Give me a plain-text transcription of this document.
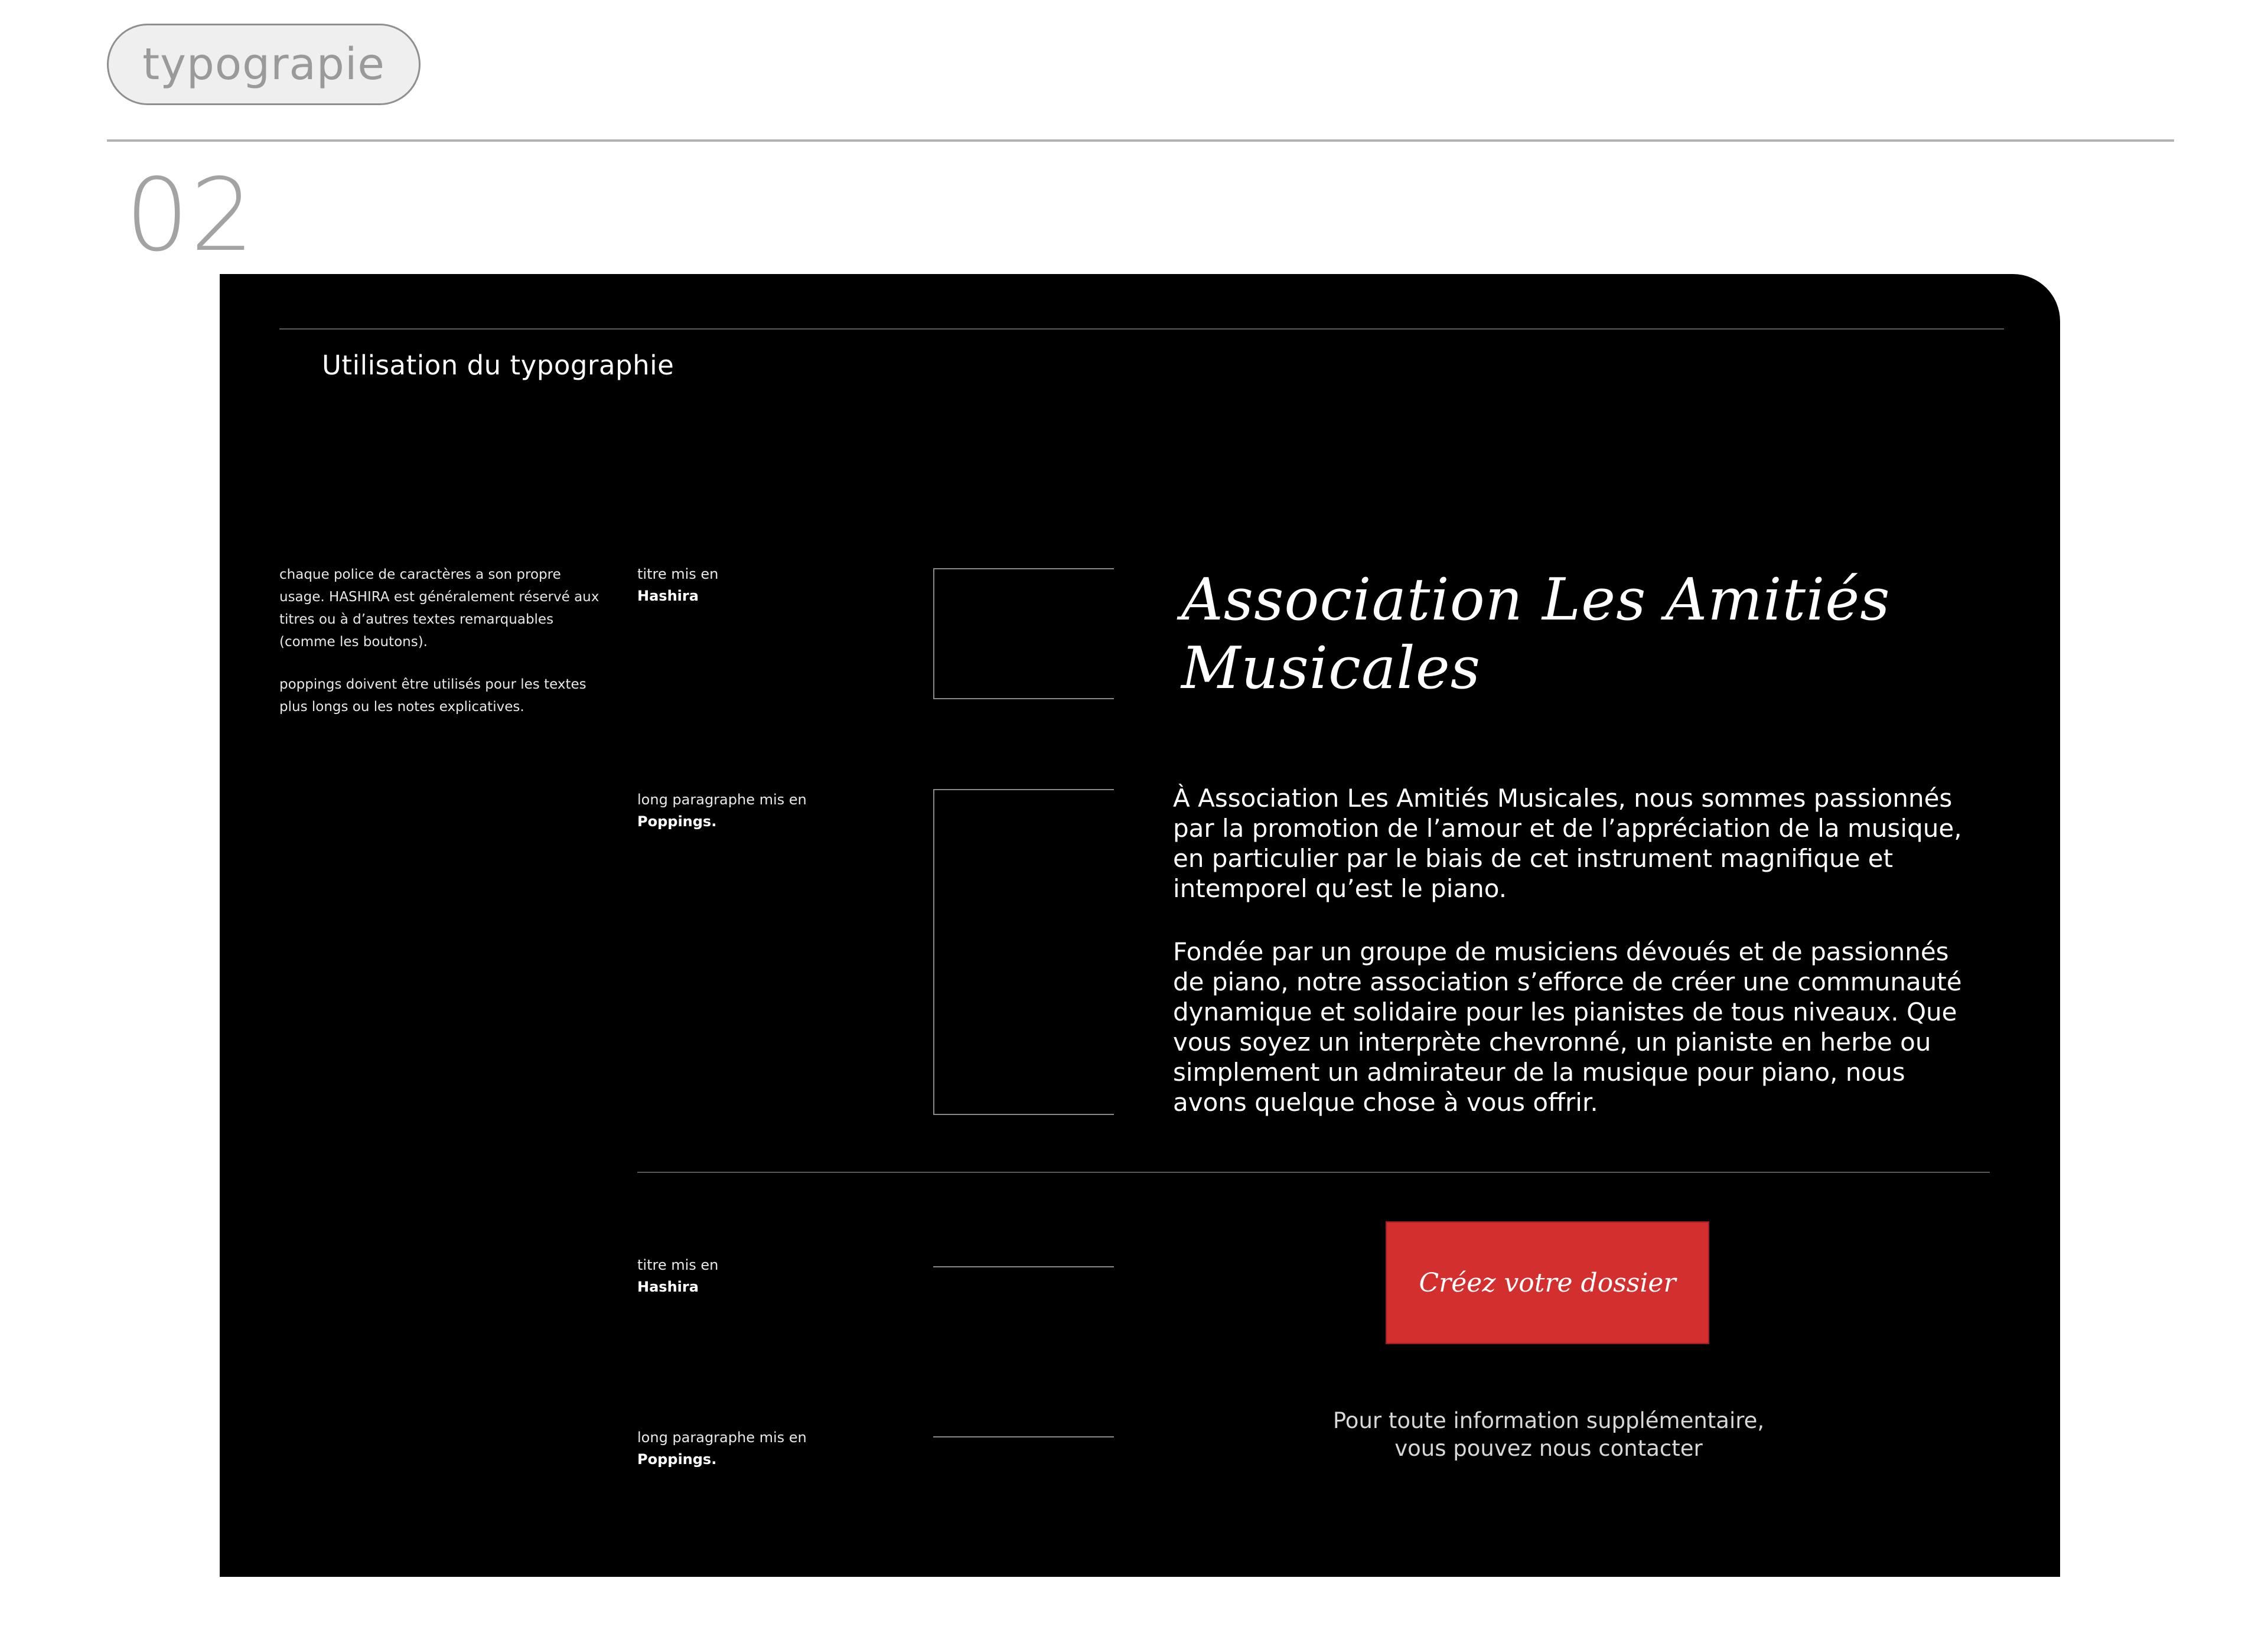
typograpie
02
Utilisation du typographie

chaque police de caractères a son propre usage. HASHIRA est généralement réservé aux titres ou à d’autres textes remarquables (comme les boutons).

poppings doivent être utilisés pour les textes plus longs ou les notes explicatives.

titre mis en
Hashira
long paragraphe mis en Poppings.
Association Les Amitiés Musicales

À Association Les Amitiés Musicales, nous sommes passionnés par la promotion de l’amour et de l’appréciation de la musique, en particulier par le biais de cet instrument magnifique et intemporel qu’est le piano.

Fondée par un groupe de musiciens dévoués et de passionnés de piano, notre association s’efforce de créer une communauté dynamique et solidaire pour les pianistes de tous niveaux. Que vous soyez un interprète chevronné, un pianiste en herbe ou simplement un admirateur de la musique pour piano, nous avons quelque chose à vous offrir.

titre mis en
Hashira
long paragraphe mis en Poppings.
Créez votre dossier
Pour toute information supplémentaire,
vous pouvez nous contacter
